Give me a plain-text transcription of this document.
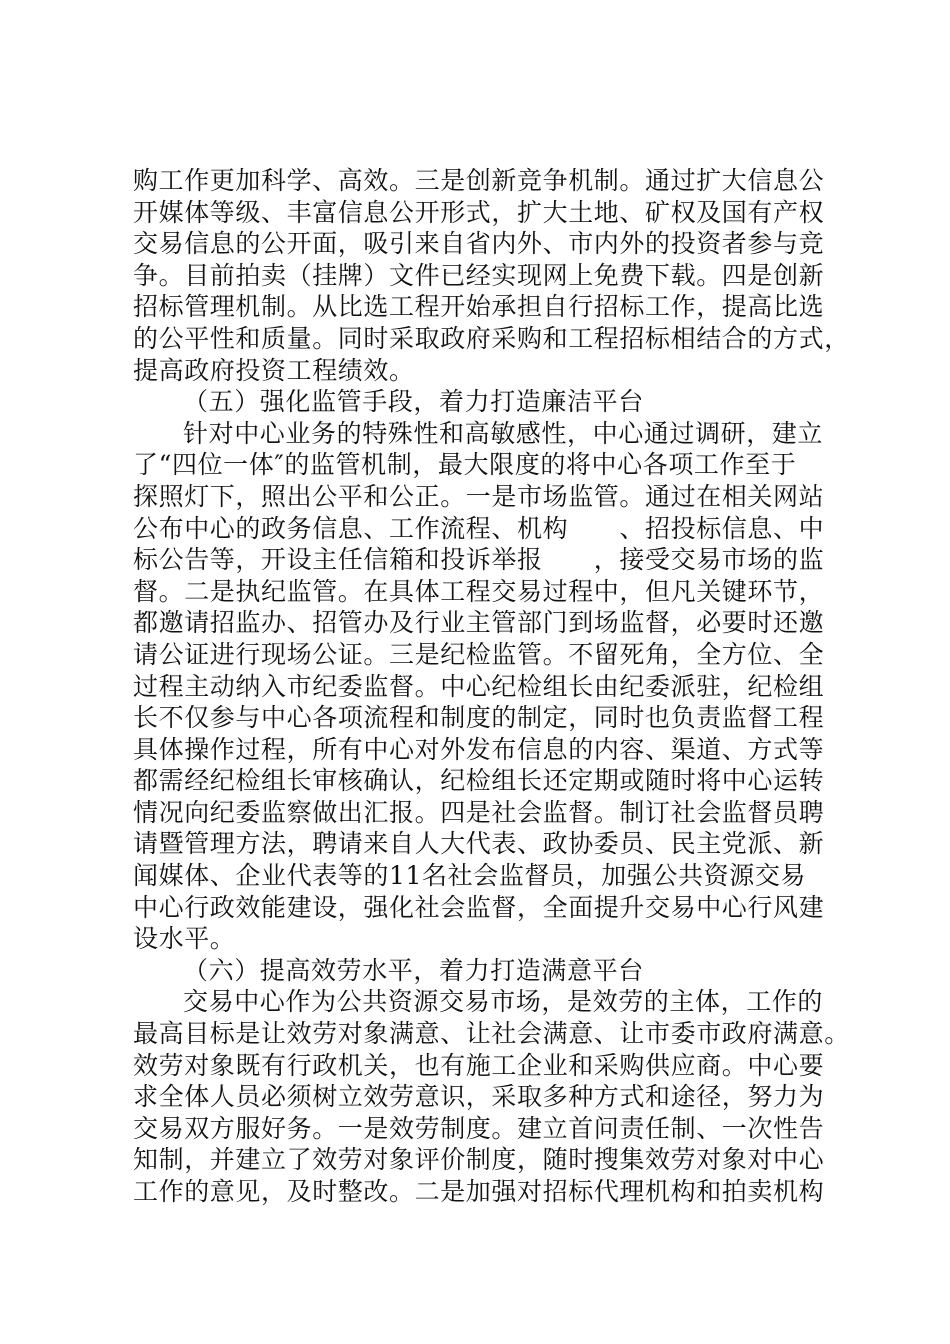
购工作更加科学、高效。三是创新竞争机制。通过扩大信息公
开媒体等级、丰富信息公开形式，扩大土地、矿权及国有产权
交易信息的公开面，吸引来自省内外、市内外的投资者参与竞
争。目前拍卖（挂牌）文件已经实现网上免费下载。四是创新
招标管理机制。从比选工程开始承担自行招标工作，提高比选
的公平性和质量。同时采取政府采购和工程招标相结合的方式，
提高政府投资工程绩效。
（五）强化监管手段，着力打造廉洁平台
针对中心业务的特殊性和高敏感性，中心通过调研，建立
了“四位一体″的监管机制，最大限度的将中心各项工作至于
探照灯下，照出公平和公正。一是市场监管。通过在相关网站
公布中心的政务信息、工作流程、机构　　、招投标信息、中
标公告等，开设主任信箱和投诉举报　　，接受交易市场的监
督。二是执纪监管。在具体工程交易过程中，但凡关键环节，
都邀请招监办、招管办及行业主管部门到场监督，必要时还邀
请公证进行现场公证。三是纪检监管。不留死角，全方位、全
过程主动纳入市纪委监督。中心纪检组长由纪委派驻，纪检组
长不仅参与中心各项流程和制度的制定，同时也负责监督工程
具体操作过程，所有中心对外发布信息的内容、渠道、方式等
都需经纪检组长审核确认，纪检组长还定期或随时将中心运转
情况向纪委监察做出汇报。四是社会监督。制订社会监督员聘
请暨管理方法，聘请来自人大代表、政协委员、民主党派、新
闻媒体、企业代表等的11名社会监督员，加强公共资源交易
中心行政效能建设，强化社会监督，全面提升交易中心行风建
设水平。
（六）提高效劳水平，着力打造满意平台
交易中心作为公共资源交易市场，是效劳的主体，工作的
最高目标是让效劳对象满意、让社会满意、让市委市政府满意。
效劳对象既有行政机关，也有施工企业和采购供应商。中心要
求全体人员必须树立效劳意识，采取多种方式和途径，努力为
交易双方服好务。一是效劳制度。建立首问责任制、一次性告
知制，并建立了效劳对象评价制度，随时搜集效劳对象对中心
工作的意见，及时整改。二是加强对招标代理机构和拍卖机构
